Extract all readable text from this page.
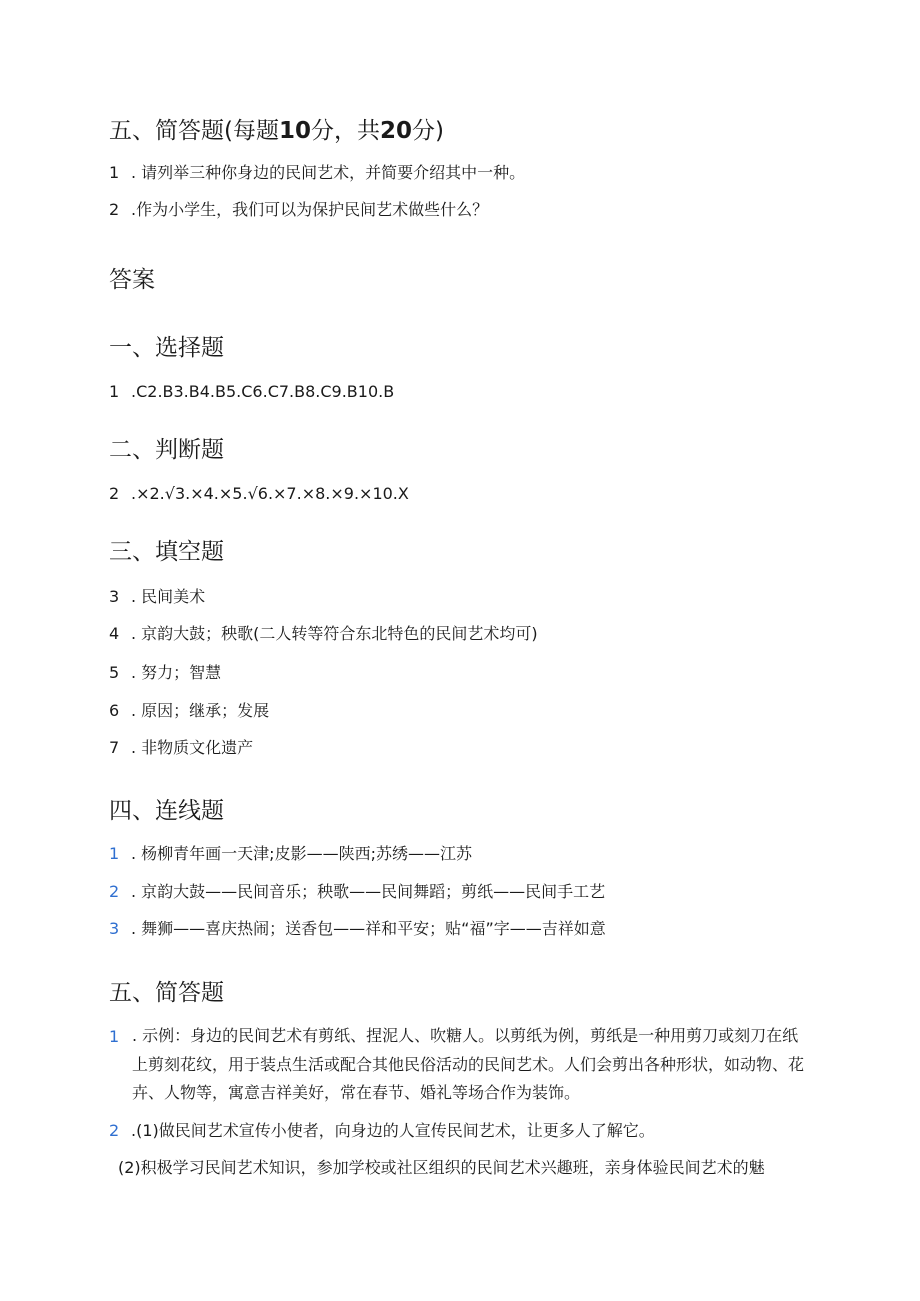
五、简答题(每题10分，共20分)
1 . 请列举三种你身边的民间艺术，并简要介绍其中一种。
2 .作为小学生，我们可以为保护民间艺术做些什么？
答案
一、选择题
1 .C2.B3.B4.B5.C6.C7.B8.C9.B10.B
二、判断题
2 .×2.√3.×4.×5.√6.×7.×8.×9.×10.X
三、填空题
3 . 民间美术
4 . 京韵大鼓；秧歌(二人转等符合东北特色的民间艺术均可)
5 . 努力；智慧
6 . 原因；继承；发展
7 . 非物质文化遗产
四、连线题
1 . 杨柳青年画一天津;皮影——陕西;苏绣——江苏
2 . 京韵大鼓——民间音乐；秧歌——民间舞蹈；剪纸——民间手工艺
3 . 舞狮——喜庆热闹；送香包——祥和平安；贴“福”字——吉祥如意
五、简答题
1 . 示例：身边的民间艺术有剪纸、捏泥人、吹糖人。以剪纸为例，剪纸是一种用剪刀或刻刀在纸上剪刻花纹，用于装点生活或配合其他民俗活动的民间艺术。人们会剪出各种形状，如动物、花卉、人物等，寓意吉祥美好，常在春节、婚礼等场合作为装饰。
2 .(1)做民间艺术宣传小使者，向身边的人宣传民间艺术，让更多人了解它。
(2)积极学习民间艺术知识，参加学校或社区组织的民间艺术兴趣班，亲身体验民间艺术的魅
